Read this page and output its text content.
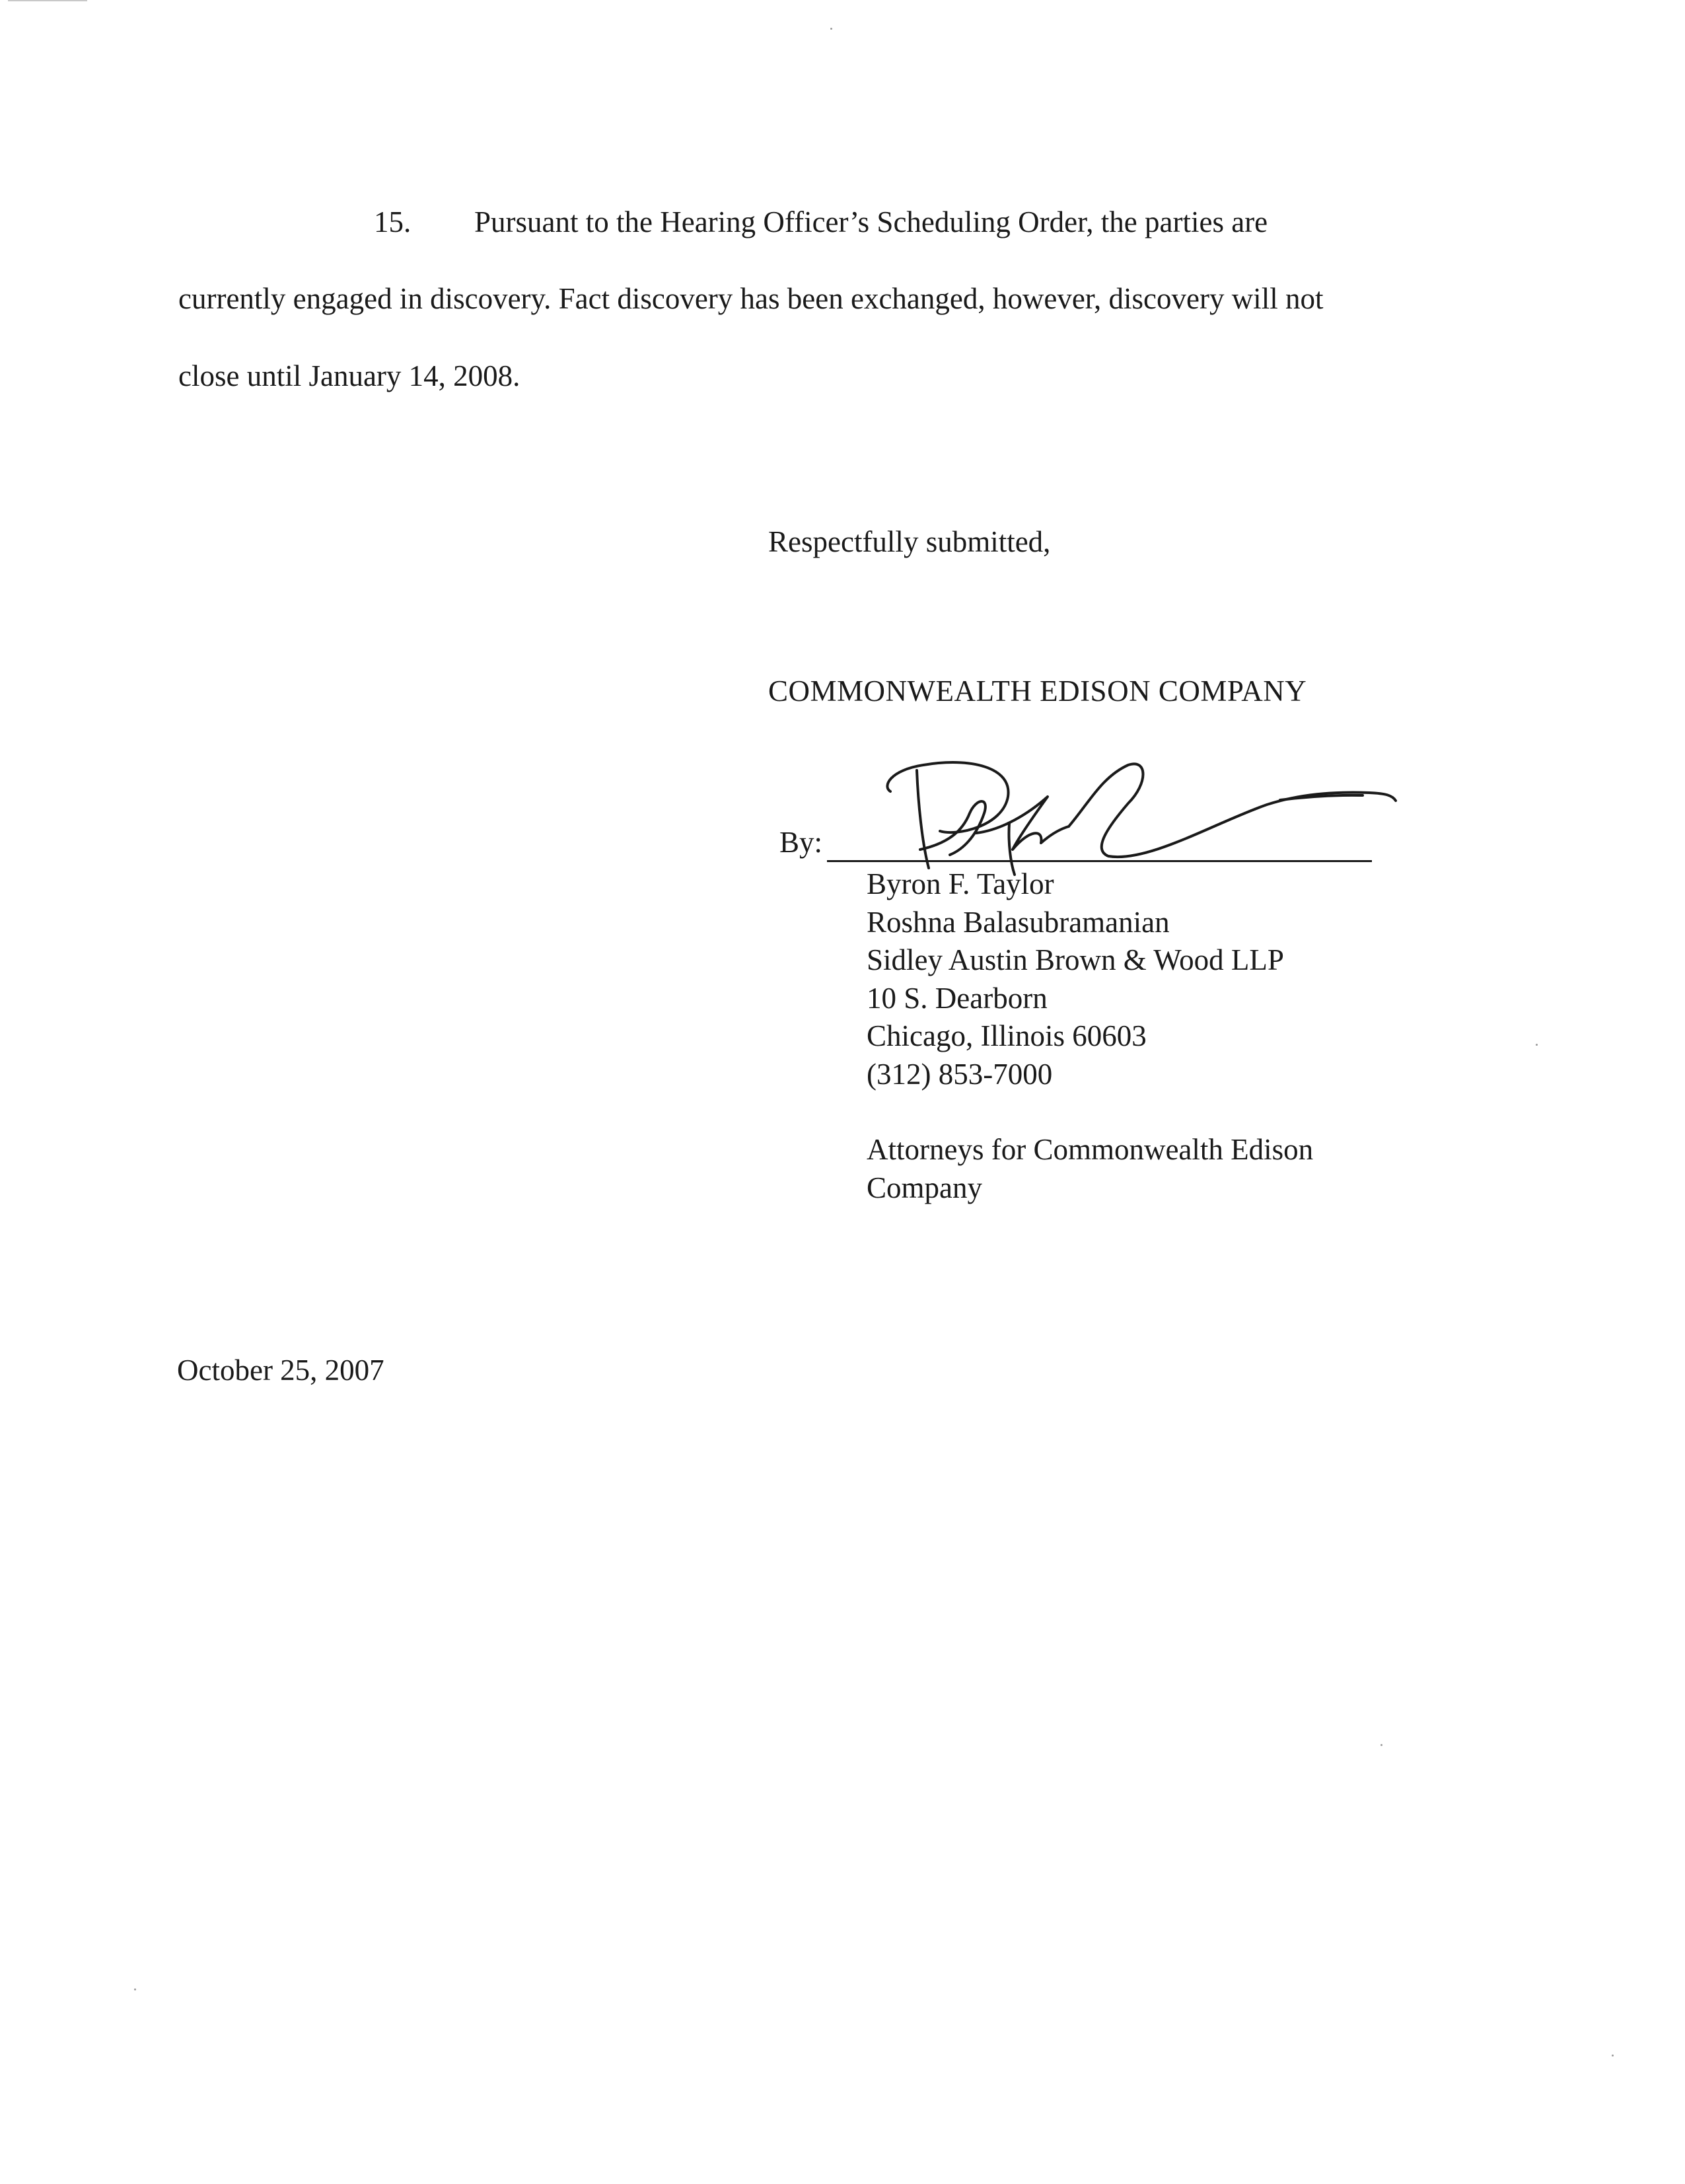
15. Pursuant to the Hearing Officer’s Scheduling Order, the parties are
currently engaged in discovery. Fact discovery has been exchanged, however, discovery will not
close until January 14, 2008.
Respectfully submitted,
COMMONWEALTH EDISON COMPANY
By:
Byron F. Taylor
Roshna Balasubramanian
Sidley Austin Brown & Wood LLP
10 S. Dearborn
Chicago, Illinois 60603
(312) 853-7000
Attorneys for Commonwealth Edison
Company
October 25, 2007
